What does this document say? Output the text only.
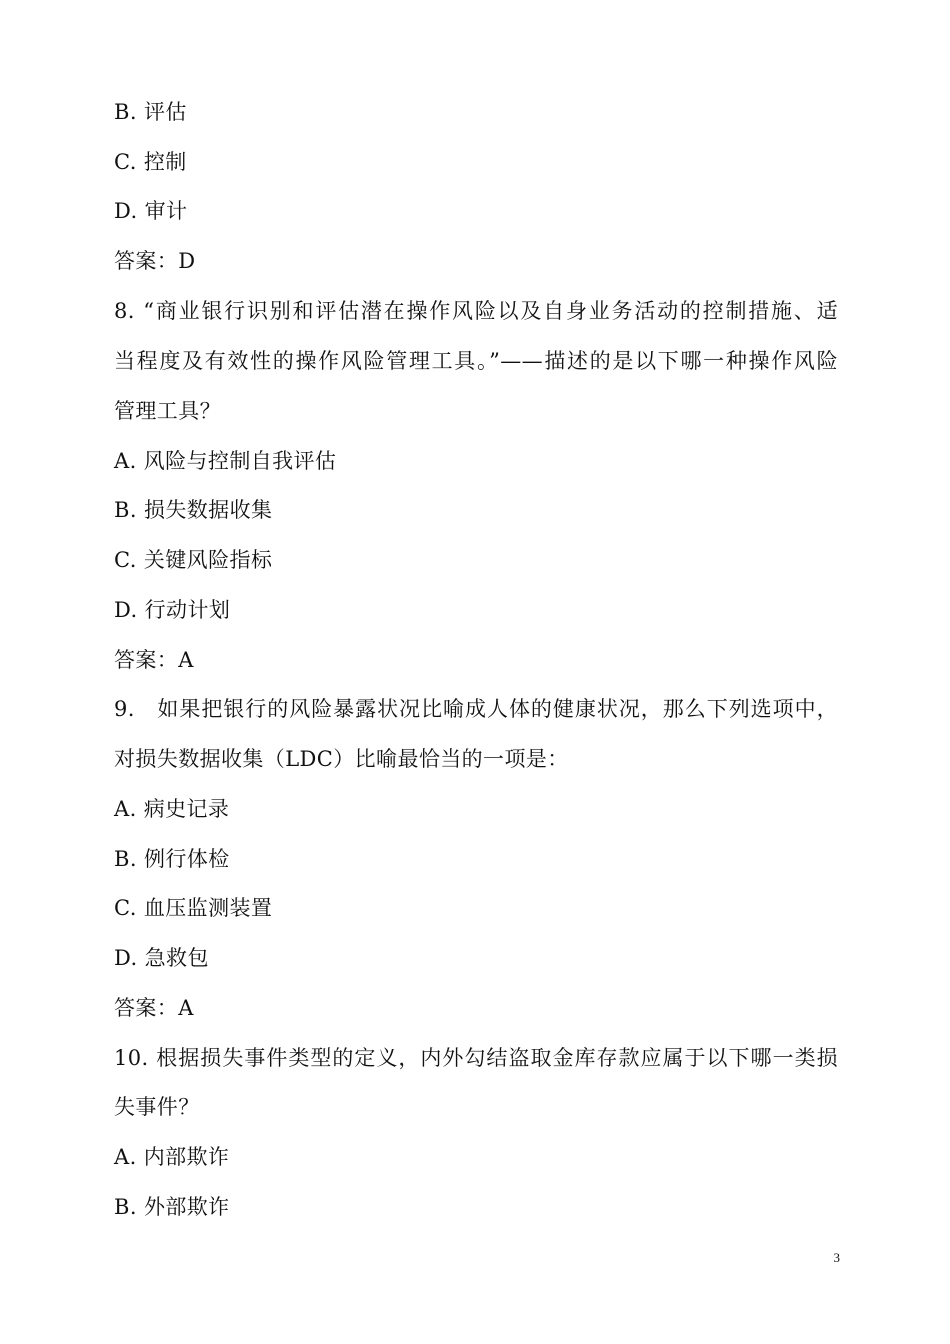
B. 评估
C. 控制
D. 审计
答案：D
8. “商业银行识别和评估潜在操作风险以及自身业务活动的控制措施、适
当程度及有效性的操作风险管理工具。”——描述的是以下哪一种操作风险
管理工具？
A. 风险与控制自我评估
B. 损失数据收集
C. 关键风险指标
D. 行动计划
答案：A
9.　如果把银行的风险暴露状况比喻成人体的健康状况，那么下列选项中，
对损失数据收集（LDC）比喻最恰当的一项是：
A. 病史记录
B. 例行体检
C. 血压监测装置
D. 急救包
答案：A
10. 根据损失事件类型的定义，内外勾结盗取金库存款应属于以下哪一类损
失事件？
A. 内部欺诈
B. 外部欺诈
3
